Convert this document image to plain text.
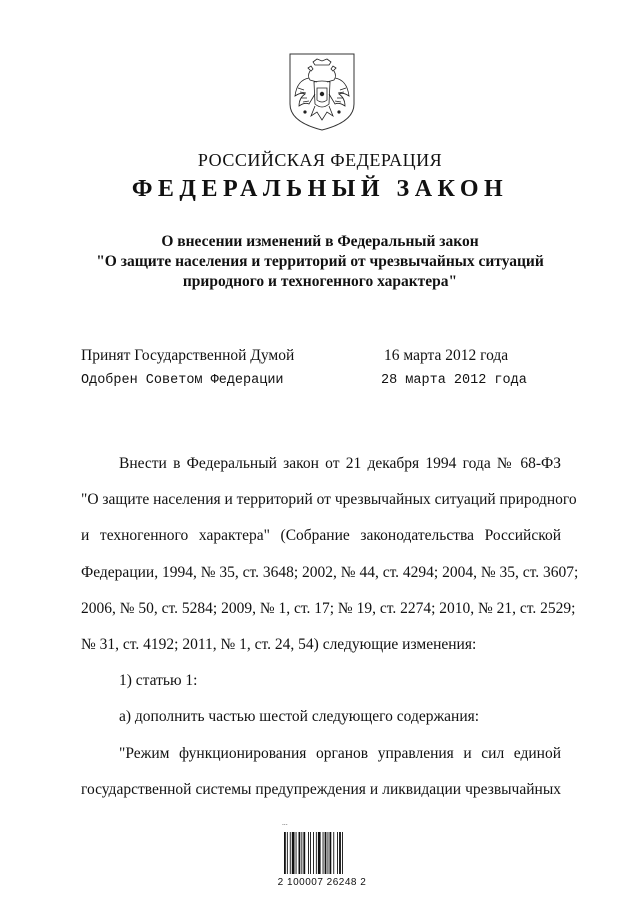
РОССИЙСКАЯ ФЕДЕРАЦИЯ
ФЕДЕРАЛЬНЫЙ ЗАКОН
О внесении изменений в Федеральный закон
"О защите населения и территорий от чрезвычайных ситуаций
природного и техногенного характера"
Принят Государственной Думой	16 марта 2012 года
Одобрен Советом Федерации	28 марта 2012 года
Внести в Федеральный закон от 21 декабря 1994 года № 68-ФЗ
"О защите населения и территорий от чрезвычайных ситуаций природного
и техногенного характера" (Собрание законодательства Российской
Федерации, 1994, № 35, ст. 3648; 2002, № 44, ст. 4294; 2004, № 35, ст. 3607;
2006, № 50, ст. 5284; 2009, № 1, ст. 17; № 19, ст. 2274; 2010, № 21, ст. 2529;
№ 31, ст. 4192; 2011, № 1, ст. 24, 54) следующие изменения:
1) статью 1:
а) дополнить частью шестой следующего содержания:
"Режим функционирования органов управления и сил единой
государственной системы предупреждения и ликвидации чрезвычайных
...
2 100007 26248 2
